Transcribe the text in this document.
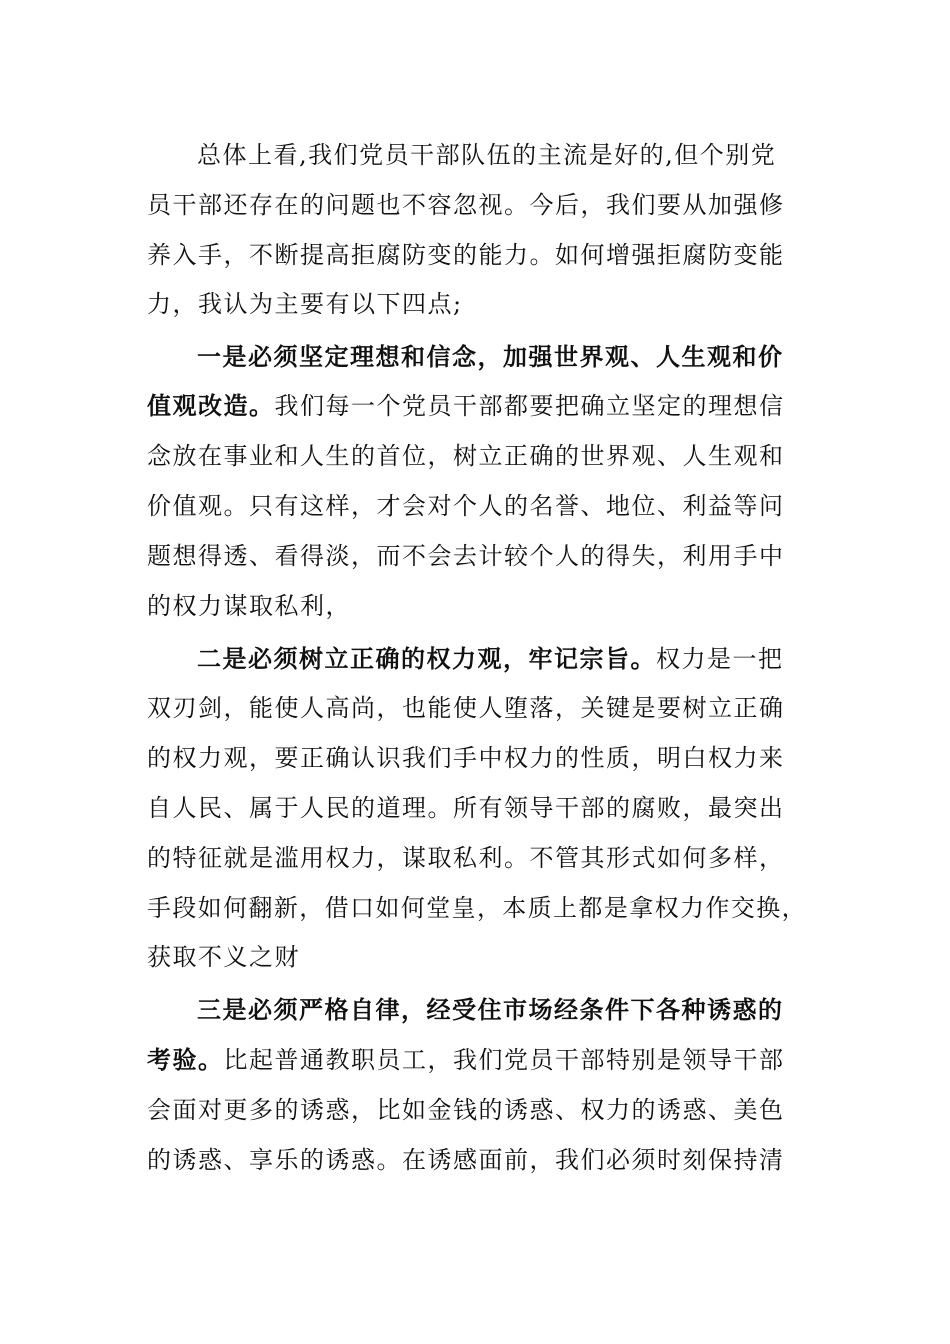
总体上看,我们党员干部队伍的主流是好的,但个别党
员干部还存在的问题也不容忽视。今后，我们要从加强修
养入手，不断提高拒腐防变的能力。如何增强拒腐防变能
力，我认为主要有以下四点;
一是必须坚定理想和信念，加强世界观、人生观和价
值观改造。我们每一个党员干部都要把确立坚定的理想信
念放在事业和人生的首位，树立正确的世界观、人生观和
价值观。只有这样，才会对个人的名誉、地位、利益等问
题想得透、看得淡，而不会去计较个人的得失，利用手中
的权力谋取私利，
二是必须树立正确的权力观，牢记宗旨。权力是一把
双刃剑，能使人高尚，也能使人堕落，关键是要树立正确
的权力观，要正确认识我们手中权力的性质，明白权力来
自人民、属于人民的道理。所有领导干部的腐败，最突出
的特征就是滥用权力，谋取私利。不管其形式如何多样，
手段如何翻新，借口如何堂皇，本质上都是拿权力作交换，
获取不义之财
三是必须严格自律，经受住市场经条件下各种诱惑的
考验。比起普通教职员工，我们党员干部特别是领导干部
会面对更多的诱惑，比如金钱的诱惑、权力的诱惑、美色
的诱惑、享乐的诱惑。在诱感面前，我们必须时刻保持清
